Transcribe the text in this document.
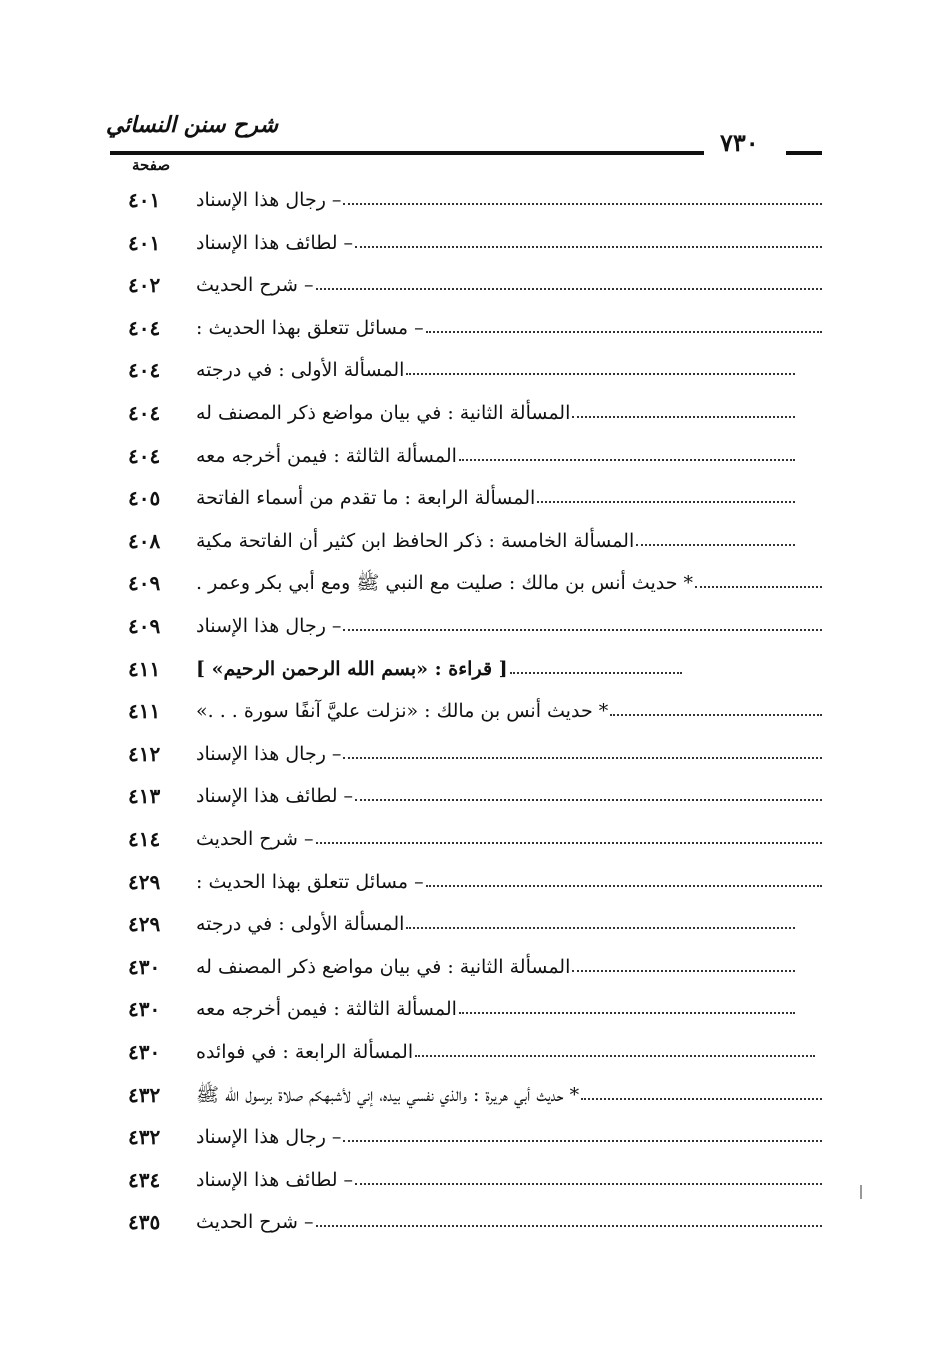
شرح سنن النسائي
٧٣٠
صفحة
– رجال هذا الإسناد
٤٠١
– لطائف هذا الإسناد
٤٠١
– شرح الحديث
٤٠٢
– مسائل تتعلق بهذا الحديث :
٤٠٤
المسألة الأولى : في درجته
٤٠٤
المسألة الثانية : في بيان مواضع ذكر المصنف له
٤٠٤
المسألة الثالثة : فيمن أخرجه معه
٤٠٤
المسألة الرابعة : ما تقدم من أسماء الفاتحة
٤٠٥
المسألة الخامسة : ذكر الحافظ ابن كثير أن الفاتحة مكية
٤٠٨
* حديث أنس بن مالك : صليت مع النبي ﷺ ومع أبي بكر وعمر .
٤٠٩
– رجال هذا الإسناد
٤٠٩
[ قراءة : «بسم الله الرحمن الرحيم» ]
٤١١
* حديث أنس بن مالك : «نزلت عليَّ آنفًا سورة . . .»
٤١١
– رجال هذا الإسناد
٤١٢
– لطائف هذا الإسناد
٤١٣
– شرح الحديث
٤١٤
– مسائل تتعلق بهذا الحديث :
٤٢٩
المسألة الأولى : في درجته
٤٢٩
المسألة الثانية : في بيان مواضع ذكر المصنف له
٤٣٠
المسألة الثالثة : فيمن أخرجه معه
٤٣٠
المسألة الرابعة : في فوائده
٤٣٠
* حديث أبي هريرة : والذي نفسي بيده، إني لأشبهكم صلاة برسول الله ﷺ
٤٣٢
– رجال هذا الإسناد
٤٣٢
– لطائف هذا الإسناد
٤٣٤
– شرح الحديث
٤٣٥
